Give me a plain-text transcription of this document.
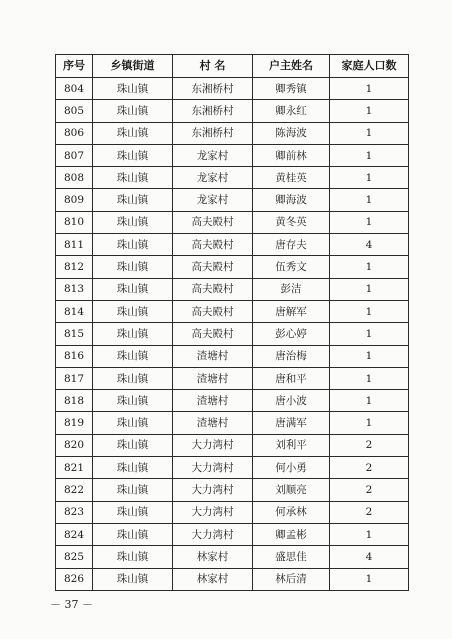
序号	乡镇街道	村 名	户主姓名	家庭人口数
804	珠山镇	东湘桥村	卿秀镇	1
805	珠山镇	东湘桥村	卿永红	1
806	珠山镇	东湘桥村	陈海波	1
807	珠山镇	龙家村	卿前林	1
808	珠山镇	龙家村	黄桂英	1
809	珠山镇	龙家村	卿海波	1
810	珠山镇	高夫殿村	黄冬英	1
811	珠山镇	高夫殿村	唐存夫	4
812	珠山镇	高夫殿村	伍秀文	1
813	珠山镇	高夫殿村	彭洁	1
814	珠山镇	高夫殿村	唐解军	1
815	珠山镇	高夫殿村	彭心婷	1
816	珠山镇	渣塘村	唐治梅	1
817	珠山镇	渣塘村	唐和平	1
818	珠山镇	渣塘村	唐小波	1
819	珠山镇	渣塘村	唐满军	1
820	珠山镇	大力湾村	刘利平	2
821	珠山镇	大力湾村	何小勇	2
822	珠山镇	大力湾村	刘顺亮	2
823	珠山镇	大力湾村	何承林	2
824	珠山镇	大力湾村	卿孟彬	1
825	珠山镇	林家村	盛思佳	4
826	珠山镇	林家村	林后清	1
－ 37 －
